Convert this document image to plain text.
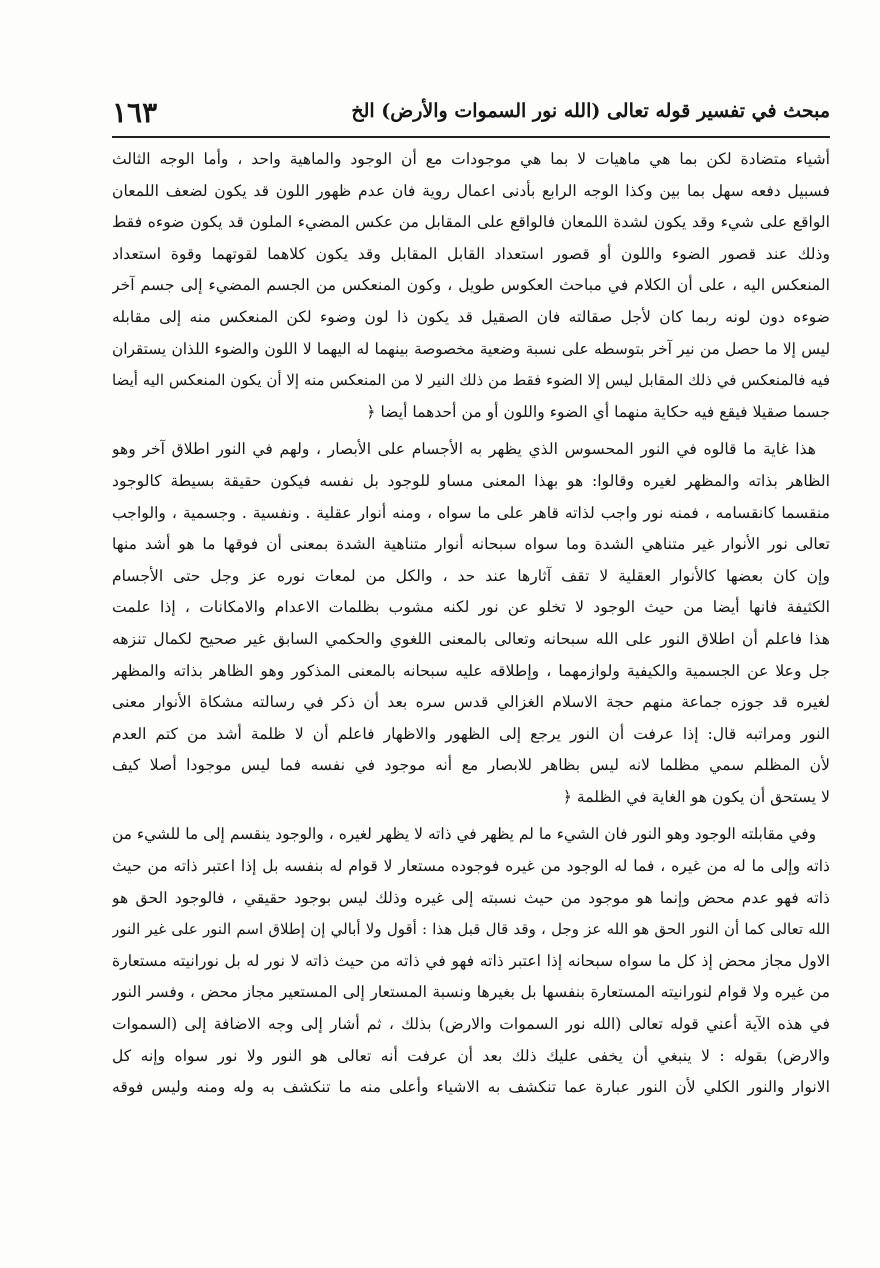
مبحث في تفسير قوله تعالى (الله نور السموات والأرض) الخ
١٦٣
أشياء متضادة لكن بما هي ماهيات لا بما هي موجودات مع أن الوجود والماهية واحد ، وأما الوجه الثالث
فسبيل دفعه سهل بما بين وكذا الوجه الرابع بأدنى اعمال روية فان عدم ظهور اللون قد يكون لضعف اللمعان
الواقع على شيء وقد يكون لشدة اللمعان فالواقع على المقابل من عكس المضيء الملون قد يكون ضوءه فقط
وذلك عند قصور الضوء واللون أو قصور استعداد القابل المقابل وقد يكون كلاهما لقوتهما وقوة استعداد
المنعكس اليه ، على أن الكلام في مباحث العكوس طويل ، وكون المنعكس من الجسم المضيء إلى جسم آخر
ضوءه دون لونه ربما كان لأجل صقالته فان الصقيل قد يكون ذا لون وضوء لكن المنعكس منه إلى مقابله
ليس إلا ما حصل من نير آخر بتوسطه على نسبة وضعية مخصوصة بينهما له اليهما لا اللون والضوء اللذان يستقران
فيه فالمنعكس في ذلك المقابل ليس إلا الضوء فقط من ذلك النير لا من المنعكس منه إلا أن يكون المنعكس اليه أيضا
جسما صقيلا فيقع فيه حكاية منهما أي الضوء واللون أو من أحدهما أيضا ﴿
هذا غاية ما قالوه في النور المحسوس الذي يظهر به الأجسام على الأبصار ، ولهم في النور اطلاق آخر وهو
الظاهر بذاته والمظهر لغيره وقالوا: هو بهذا المعنى مساو للوجود بل نفسه فيكون حقيقة بسيطة كالوجود
منقسما كانقسامه ، فمنه نور واجب لذاته قاهر على ما سواه ، ومنه أنوار عقلية . ونفسية . وجسمية ، والواجب
تعالى نور الأنوار غير متناهي الشدة وما سواه سبحانه أنوار متناهية الشدة بمعنى أن فوقها ما هو أشد منها
وإن كان بعضها كالأنوار العقلية لا تقف آثارها عند حد ، والكل من لمعات نوره عز وجل حتى الأجسام
الكثيفة فانها أيضا من حيث الوجود لا تخلو عن نور لكنه مشوب بظلمات الاعدام والامكانات ، إذا علمت
هذا فاعلم أن اطلاق النور على الله سبحانه وتعالى بالمعنى اللغوي والحكمي السابق غير صحيح لكمال تنزهه
جل وعلا عن الجسمية والكيفية ولوازمهما ، وإطلاقه عليه سبحانه بالمعنى المذكور وهو الظاهر بذاته والمظهر
لغيره قد جوزه جماعة منهم حجة الاسلام الغزالي قدس سره بعد أن ذكر في رسالته مشكاة الأنوار معنى
النور ومراتبه قال: إذا عرفت أن النور يرجع إلى الظهور والاظهار فاعلم أن لا ظلمة أشد من كتم العدم
لأن المظلم سمي مظلما لانه ليس بظاهر للابصار مع أنه موجود في نفسه فما ليس موجودا أصلا كيف
لا يستحق أن يكون هو الغاية في الظلمة ﴿
وفي مقابلته الوجود وهو النور فان الشيء ما لم يظهر في ذاته لا يظهر لغيره ، والوجود ينقسم إلى ما للشيء من
ذاته وإلى ما له من غيره ، فما له الوجود من غيره فوجوده مستعار لا قوام له بنفسه بل إذا اعتبر ذاته من حيث
ذاته فهو عدم محض وإنما هو موجود من حيث نسبته إلى غيره وذلك ليس بوجود حقيقي ، فالوجود الحق هو
الله تعالى كما أن النور الحق هو الله عز وجل ، وقد قال قبل هذا : أقول ولا أبالي إن إطلاق اسم النور على غير النور
الاول مجاز محض إذ كل ما سواه سبحانه إذا اعتبر ذاته فهو في ذاته من حيث ذاته لا نور له بل نورانيته مستعارة
من غيره ولا قوام لنورانيته المستعارة بنفسها بل بغيرها ونسبة المستعار إلى المستعير مجاز محض ، وفسر النور
في هذه الآية أعني قوله تعالى (الله نور السموات والارض) بذلك ، ثم أشار إلى وجه الاضافة إلى (السموات
والارض) بقوله : لا ينبغي أن يخفى عليك ذلك بعد أن عرفت أنه تعالى هو النور ولا نور سواه وإنه كل
الانوار والنور الكلي لأن النور عبارة عما تنكشف به الاشياء وأعلى منه ما تنكشف به وله ومنه وليس فوقه
